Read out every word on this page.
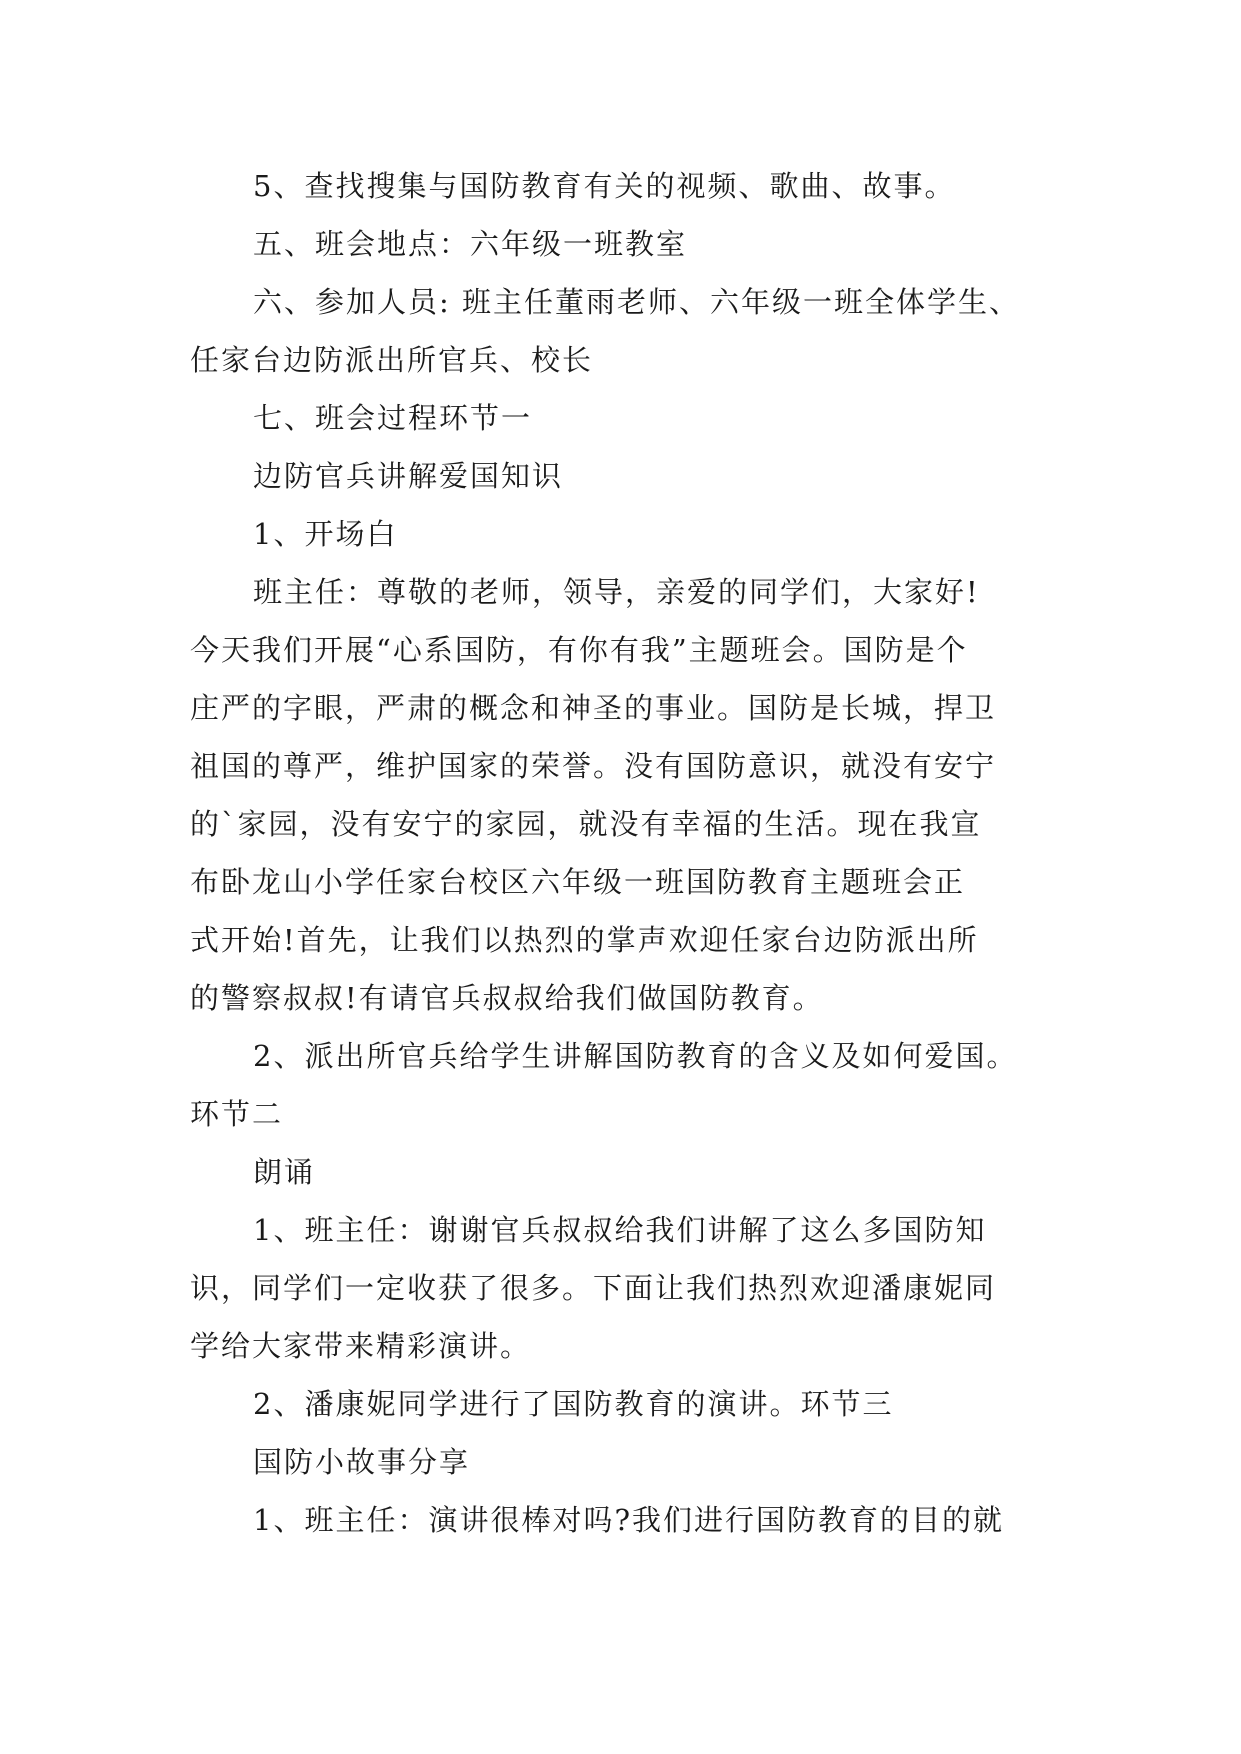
5、查找搜集与国防教育有关的视频、歌曲、故事。
五、班会地点：六年级一班教室
六、参加人员: 班主任董雨老师、六年级一班全体学生、
任家台边防派出所官兵、校长
七、班会过程环节一
边防官兵讲解爱国知识
1、开场白
班主任：尊敬的老师，领导，亲爱的同学们，大家好!
今天我们开展“心系国防，有你有我”主题班会。国防是个
庄严的字眼，严肃的概念和神圣的事业。国防是长城，捍卫
祖国的尊严，维护国家的荣誉。没有国防意识，就没有安宁
的`家园，没有安宁的家园，就没有幸福的生活。现在我宣
布卧龙山小学任家台校区六年级一班国防教育主题班会正
式开始!首先，让我们以热烈的掌声欢迎任家台边防派出所
的警察叔叔!有请官兵叔叔给我们做国防教育。
2、派出所官兵给学生讲解国防教育的含义及如何爱国。
环节二
朗诵
1、班主任：谢谢官兵叔叔给我们讲解了这么多国防知
识，同学们一定收获了很多。下面让我们热烈欢迎潘康妮同
学给大家带来精彩演讲。
2、潘康妮同学进行了国防教育的演讲。环节三
国防小故事分享
1、班主任：演讲很棒对吗?我们进行国防教育的目的就
